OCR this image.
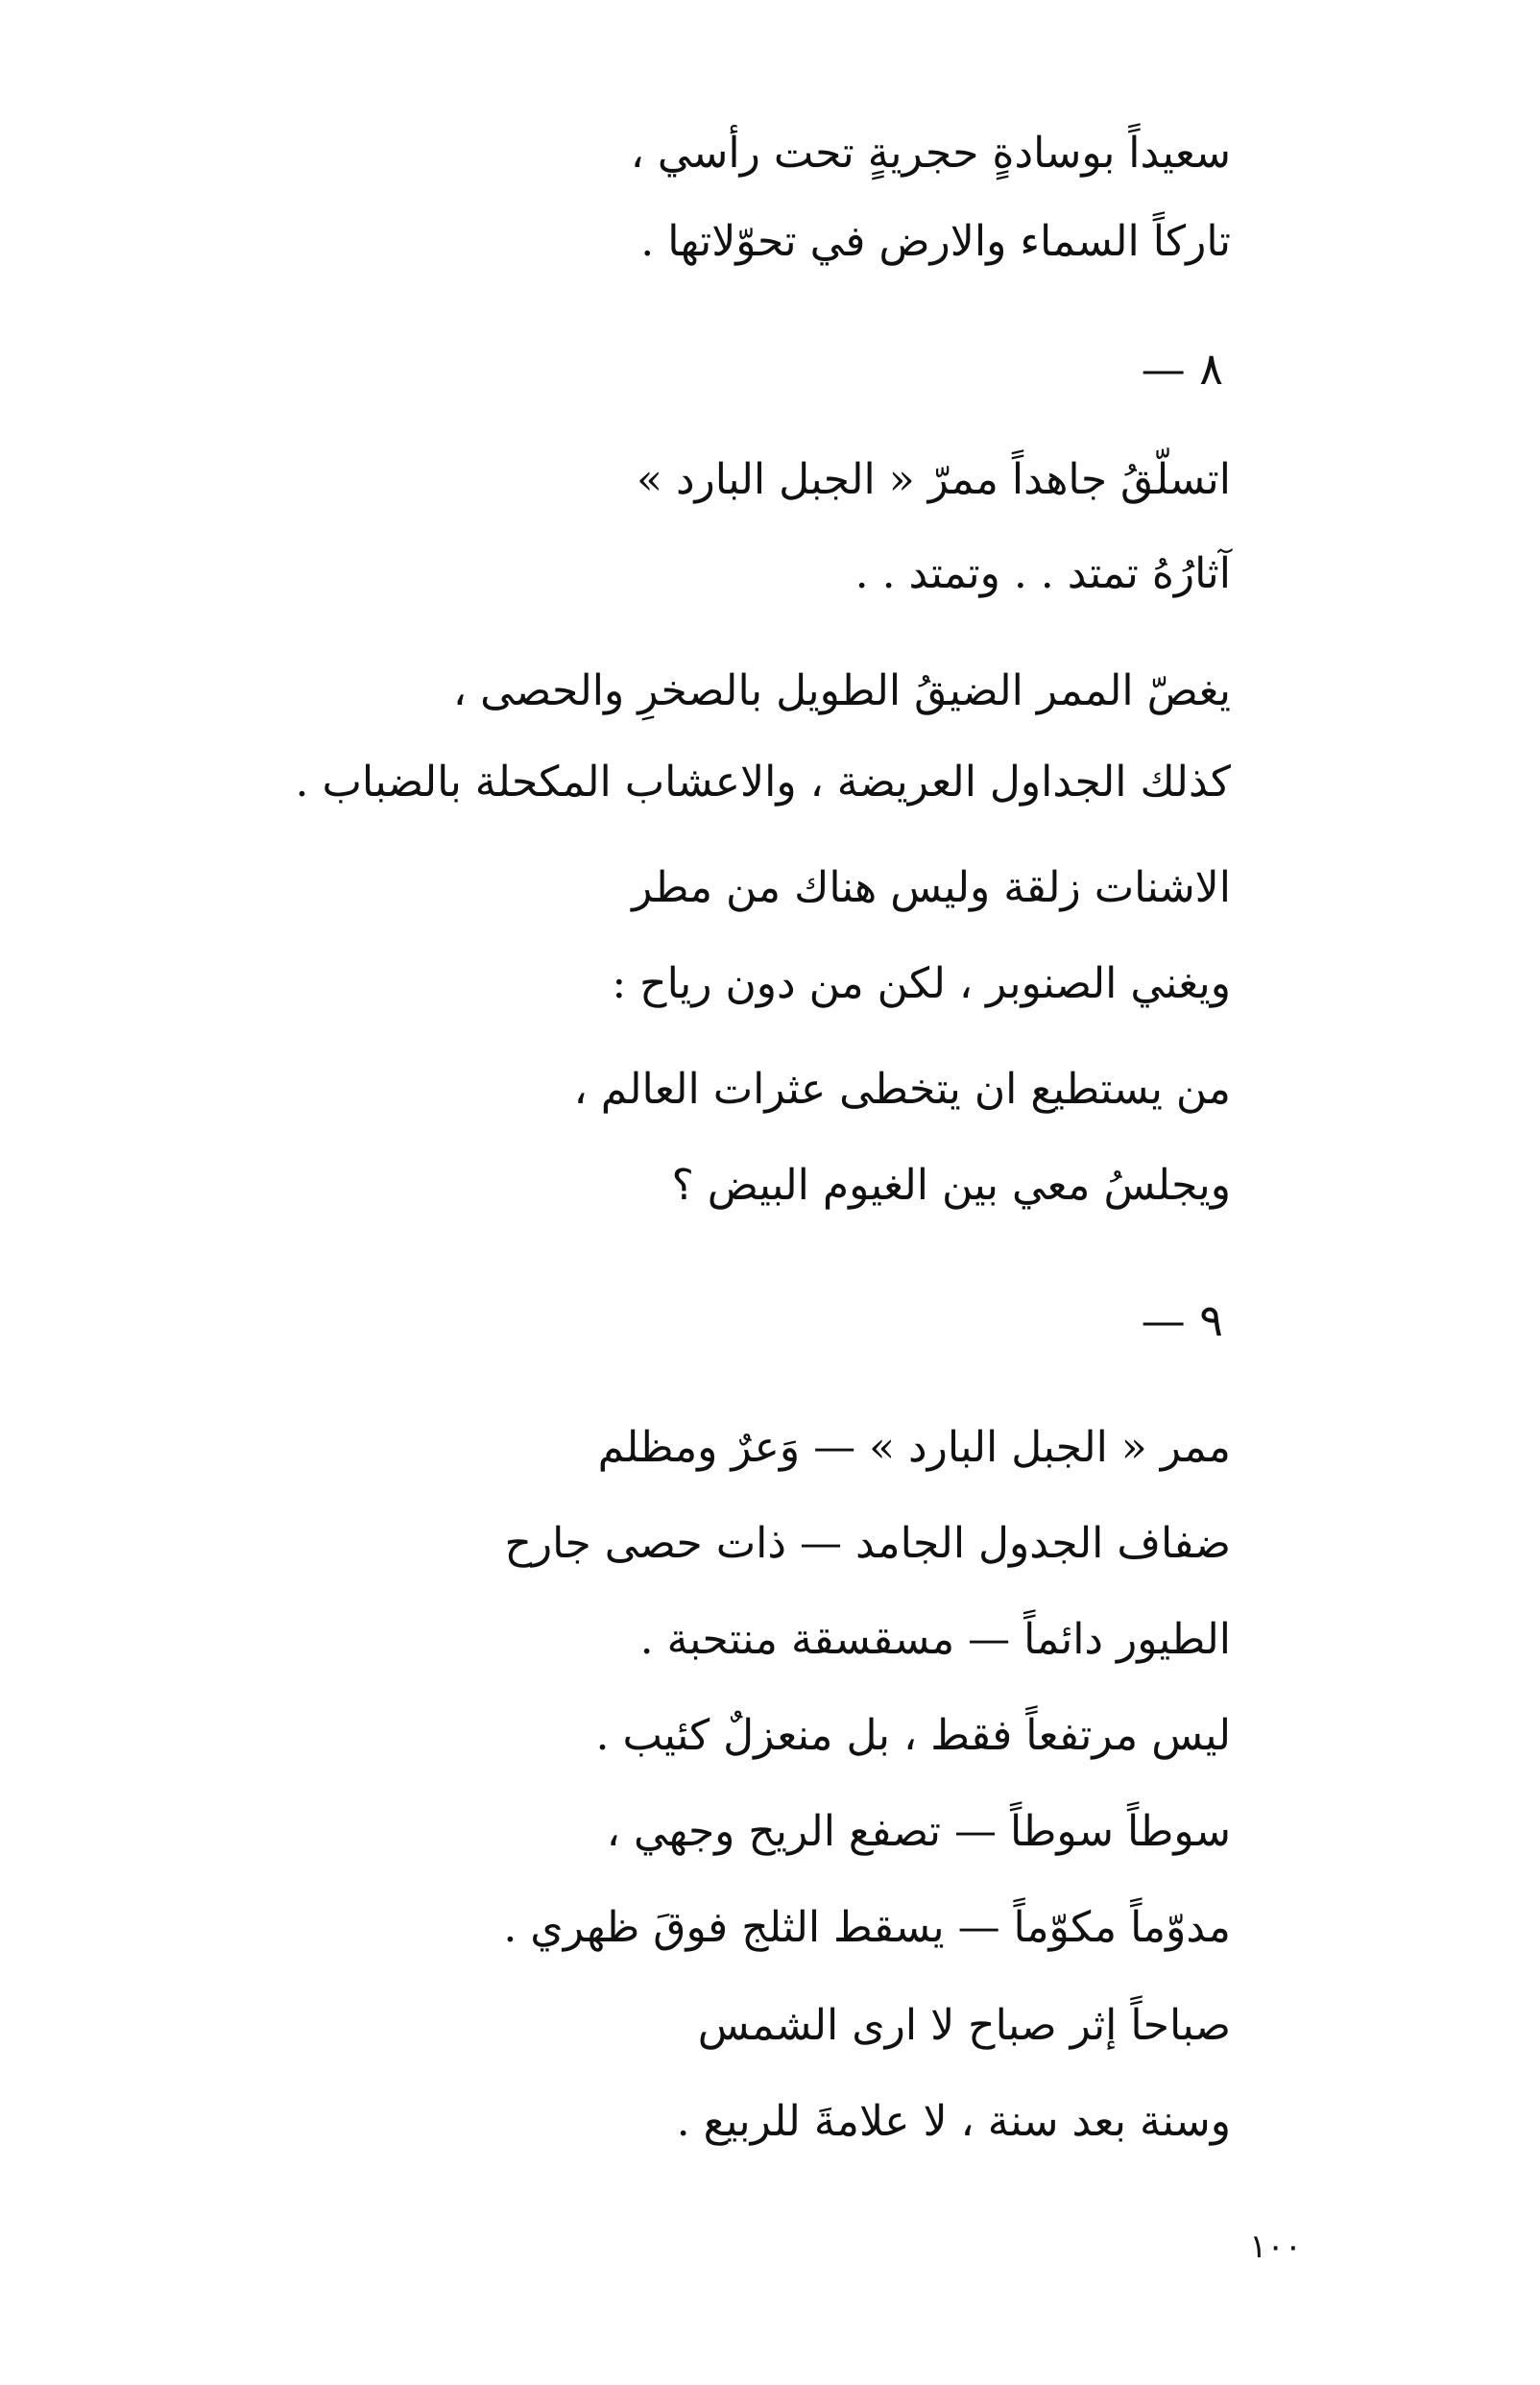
سعيداً بوسادةٍ حجريةٍ تحت رأسي ،
تاركاً السماء والارض في تحوّلاتها .
٨ —
اتسلّقُ جاهداً ممرّ « الجبل البارد »
آثارُهُ تمتد . . وتمتد . .
يغصّ الممر الضيقُ الطويل بالصخرِ والحصى ،
كذلك الجداول العريضة ، والاعشاب المكحلة بالضباب .
الاشنات زلقة وليس هناك من مطر
ويغني الصنوبر ، لكن من دون رياح :
من يستطيع ان يتخطى عثرات العالم ،
ويجلسُ معي بين الغيوم البيض ؟
٩ —
ممر « الجبل البارد » — وَعرٌ ومظلم
ضفاف الجدول الجامد — ذات حصى جارح
الطيور دائماً — مسقسقة منتحبة .
ليس مرتفعاً فقط ، بل منعزلٌ كئيب .
سوطاً سوطاً — تصفع الريح وجهي ،
مدوّماً مكوّماً — يسقط الثلج فوقَ ظهري .
صباحاً إثر صباح لا ارى الشمس
وسنة بعد سنة ، لا علامةَ للربيع .
١٠٠
